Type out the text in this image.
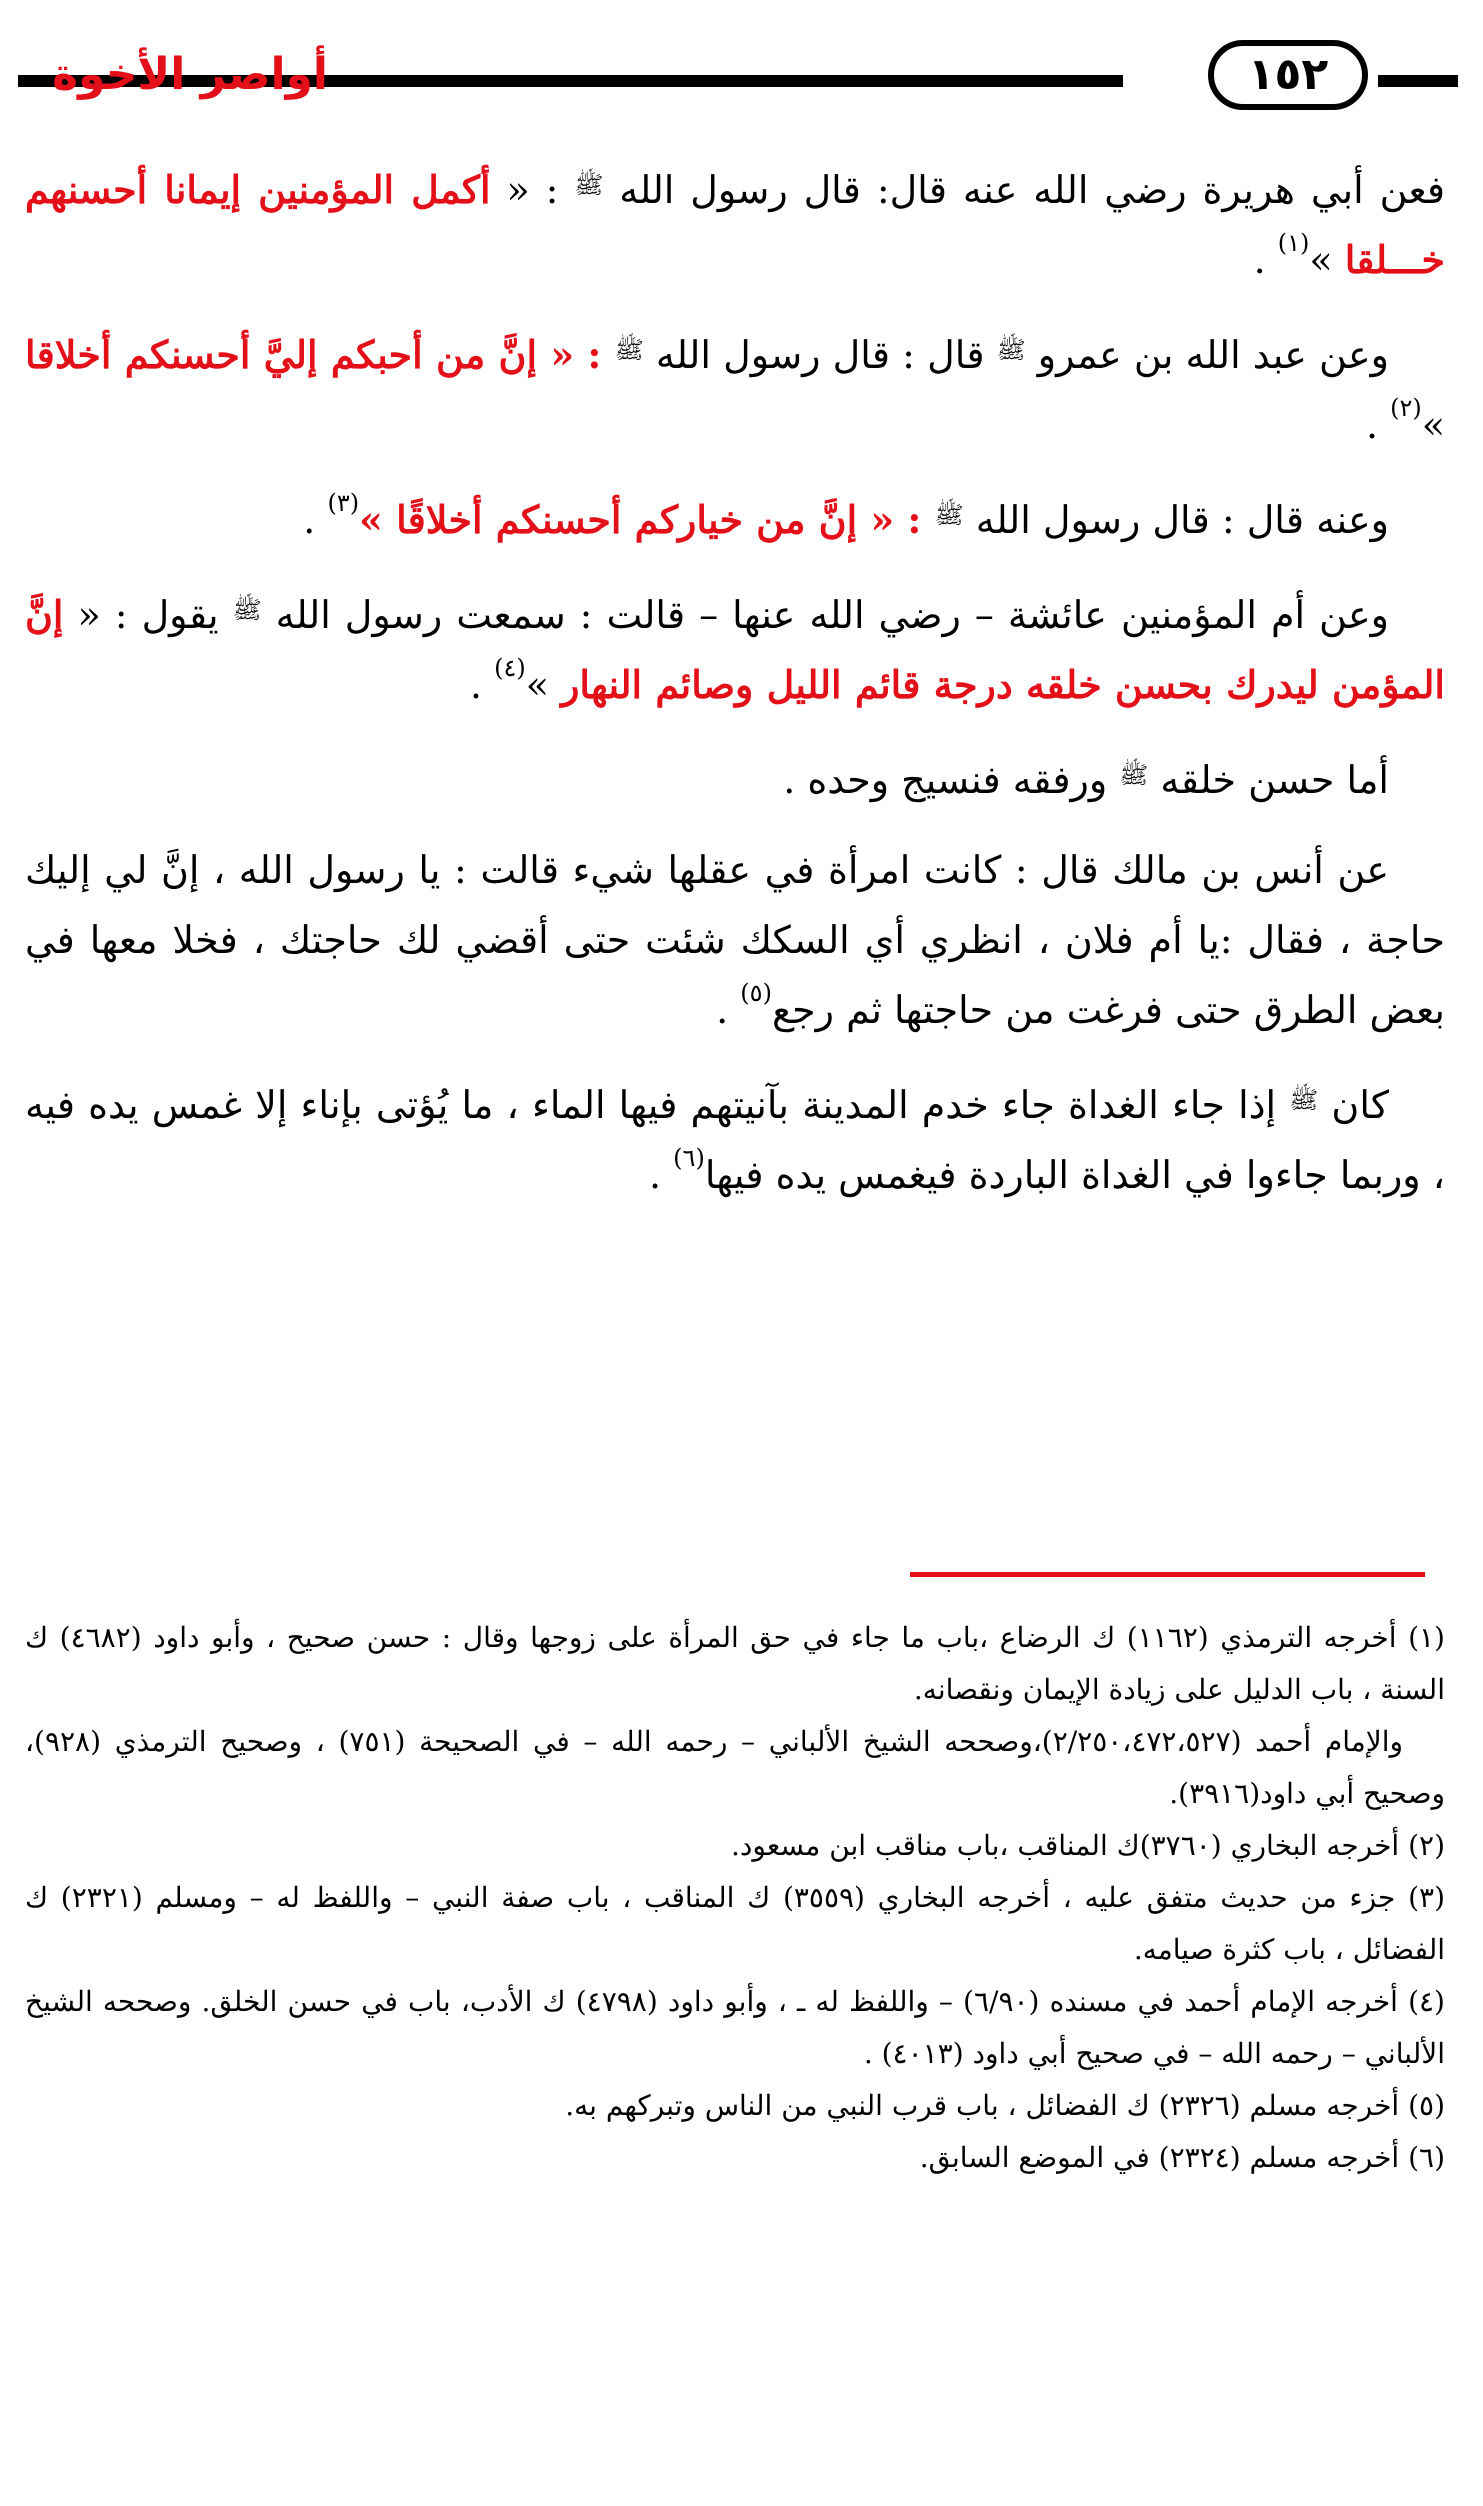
١٥٢
أواصر الأخوة

فعن أبي هريرة رضي الله عنه قال: قال رسول الله $^ﷺ$ : « أكمل المؤمنين إيمانا أحسنهم خـــلقا »$^{(١)}$ .

وعن عبد الله بن عمرو $^ﷺ$ قال : قال رسول الله $^ﷺ$ : « إنَّ من أحبكم إليَّ أحسنكم أخلاقا »$^{(٢)}$ .

وعنه قال : قال رسول الله $^ﷺ$ : « إنَّ من خياركم أحسنكم أخلاقًا »$^{(٣)}$ .

وعن أم المؤمنين عائشة – رضي الله عنها – قالت : سمعت رسول الله $^ﷺ$ يقول : « إنَّ المؤمن ليدرك بحسن خلقه درجة قائم الليل وصائم النهار »$^{(٤)}$ .

أما حسن خلقه $^ﷺ$ ورفقه فنسيج وحده .

عن أنس بن مالك قال : كانت امرأة في عقلها شيء قالت : يا رسول الله ، إنَّ لي إليك حاجة ، فقال :يا أم فلان ، انظري أي السكك شئت حتى أقضي لك حاجتك ، فخلا معها في بعض الطرق حتى فرغت من حاجتها ثم رجع$^{(٥)}$ .

كان $^ﷺ$ إذا جاء الغداة جاء خدم المدينة بآنيتهم فيها الماء ، ما يُؤتى بإناء إلا غمس يده فيه ، وربما جاءوا في الغداة الباردة فيغمس يده فيها$^{(٦)}$ .

(١) أخرجه الترمذي (١١٦٢) ك الرضاع ،باب ما جاء في حق المرأة على زوجها وقال : حسن صحيح ، وأبو داود (٤٦٨٢) ك السنة ، باب الدليل على زيادة الإيمان ونقصانه.

والإمام أحمد (٢/٢٥٠،٤٧٢،٥٢٧)،وصححه الشيخ الألباني – رحمه الله – في الصحيحة (٧٥١) ، وصحيح الترمذي (٩٢٨)، وصحيح أبي داود(٣٩١٦).

(٢) أخرجه البخاري (٣٧٦٠)ك المناقب ،باب مناقب ابن مسعود.

(٣) جزء من حديث متفق عليه ، أخرجه البخاري (٣٥٥٩) ك المناقب ، باب صفة النبي – واللفظ له – ومسلم (٢٣٢١) ك الفضائل ، باب كثرة صيامه.

(٤) أخرجه الإمام أحمد في مسنده (٦/٩٠) – واللفظ له ـ ، وأبو داود (٤٧٩٨) ك الأدب، باب في حسن الخلق. وصححه الشيخ الألباني – رحمه الله – في صحيح أبي داود (٤٠١٣) .

(٥) أخرجه مسلم (٢٣٢٦) ك الفضائل ، باب قرب النبي من الناس وتبركهم به.

(٦) أخرجه مسلم (٢٣٢٤) في الموضع السابق.
